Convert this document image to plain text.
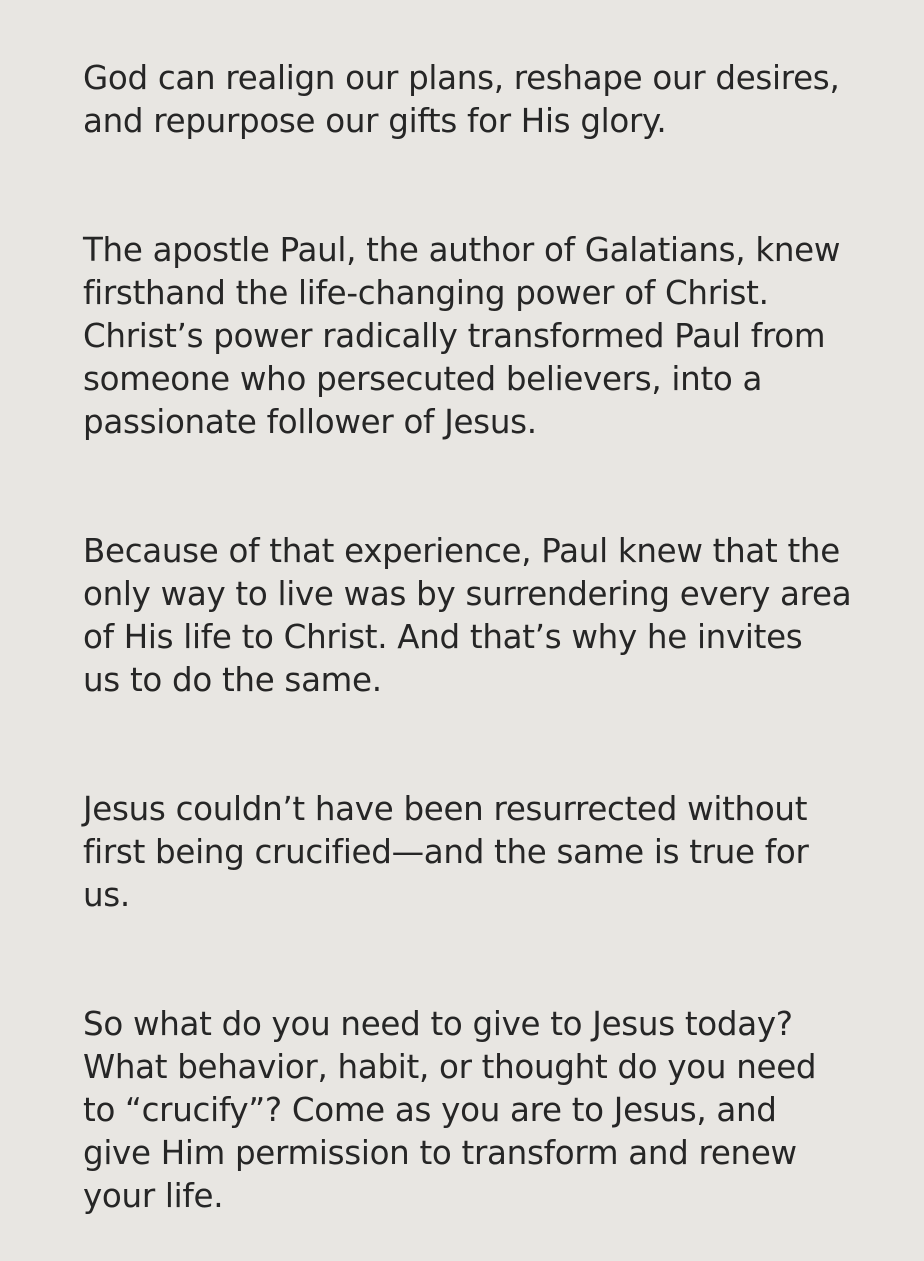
God can realign our plans, reshape our desires,
and repurpose our gifts for His glory.

The apostle Paul, the author of Galatians, knew
firsthand the life-changing power of Christ.
Christ’s power radically transformed Paul from
someone who persecuted believers, into a
passionate follower of Jesus.

Because of that experience, Paul knew that the
only way to live was by surrendering every area
of His life to Christ. And that’s why he invites
us to do the same.

Jesus couldn’t have been resurrected without
first being crucified—and the same is true for
us.

So what do you need to give to Jesus today?
What behavior, habit, or thought do you need
to “crucify”? Come as you are to Jesus, and
give Him permission to transform and renew
your life.
